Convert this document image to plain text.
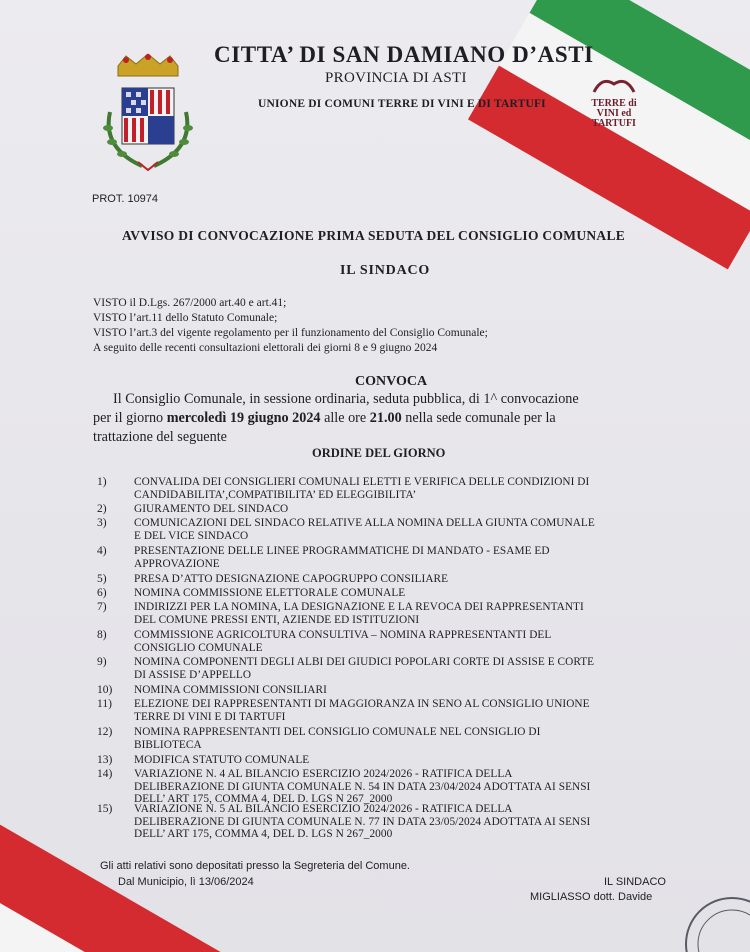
CITTA’ DI SAN DAMIANO D’ASTI
PROVINCIA DI ASTI
UNIONE DI COMUNI TERRE DI VINI E DI TARTUFI	TERRE di VINI ed TARTUFI
PROT. 10974
AVVISO DI CONVOCAZIONE PRIMA SEDUTA DEL CONSIGLIO COMUNALE
IL SINDACO
VISTO il D.Lgs. 267/2000 art.40 e art.41;
VISTO l’art.11 dello Statuto Comunale;
VISTO l’art.3 del vigente regolamento per il funzionamento del Consiglio Comunale;
A seguito delle recenti consultazioni elettorali dei giorni 8 e 9 giugno 2024
CONVOCA
Il Consiglio Comunale, in sessione ordinaria, seduta pubblica, di 1^ convocazione
per il giorno mercoledì 19 giugno 2024 alle ore 21.00 nella sede comunale per la
trattazione del seguente
ORDINE DEL GIORNO
1) CONVALIDA DEI CONSIGLIERI COMUNALI ELETTI E VERIFICA DELLE CONDIZIONI DI
CANDIDABILITA’,COMPATIBILITA’ ED ELEGGIBILITA’
2) GIURAMENTO DEL SINDACO
3) COMUNICAZIONI DEL SINDACO RELATIVE ALLA NOMINA DELLA GIUNTA COMUNALE
E DEL VICE SINDACO
4) PRESENTAZIONE DELLE LINEE PROGRAMMATICHE DI MANDATO - ESAME ED
APPROVAZIONE
5) PRESA D’ATTO DESIGNAZIONE CAPOGRUPPO CONSILIARE
6) NOMINA COMMISSIONE ELETTORALE COMUNALE
7) INDIRIZZI PER LA NOMINA, LA DESIGNAZIONE E LA REVOCA DEI RAPPRESENTANTI
DEL COMUNE PRESSI ENTI, AZIENDE ED ISTITUZIONI
8) COMMISSIONE AGRICOLTURA CONSULTIVA – NOMINA RAPPRESENTANTI DEL
CONSIGLIO COMUNALE
9) NOMINA COMPONENTI DEGLI ALBI DEI GIUDICI POPOLARI CORTE DI ASSISE E CORTE
DI ASSISE D’APPELLO
10) NOMINA COMMISSIONI CONSILIARI
11) ELEZIONE DEI RAPPRESENTANTI DI MAGGIORANZA IN SENO AL CONSIGLIO UNIONE
TERRE DI VINI E DI TARTUFI
12) NOMINA RAPPRESENTANTI DEL CONSIGLIO COMUNALE NEL CONSIGLIO DI
BIBLIOTECA
13) MODIFICA STATUTO COMUNALE
14) VARIAZIONE N. 4 AL BILANCIO ESERCIZIO 2024/2026 - RATIFICA DELLA
DELIBERAZIONE DI GIUNTA COMUNALE N. 54 IN DATA 23/04/2024 ADOTTATA AI SENSI
DELL’ ART 175, COMMA 4, DEL D. LGS N 267_2000
15) VARIAZIONE N. 5 AL BILANCIO ESERCIZIO 2024/2026 - RATIFICA DELLA
DELIBERAZIONE DI GIUNTA COMUNALE N. 77 IN DATA 23/05/2024 ADOTTATA AI SENSI
DELL’ ART 175, COMMA 4, DEL D. LGS N 267_2000
Gli atti relativi sono depositati presso la Segreteria del Comune.
Dal Municipio, lì 13/06/2024	IL SINDACO
MIGLIASSO dott. Davide
